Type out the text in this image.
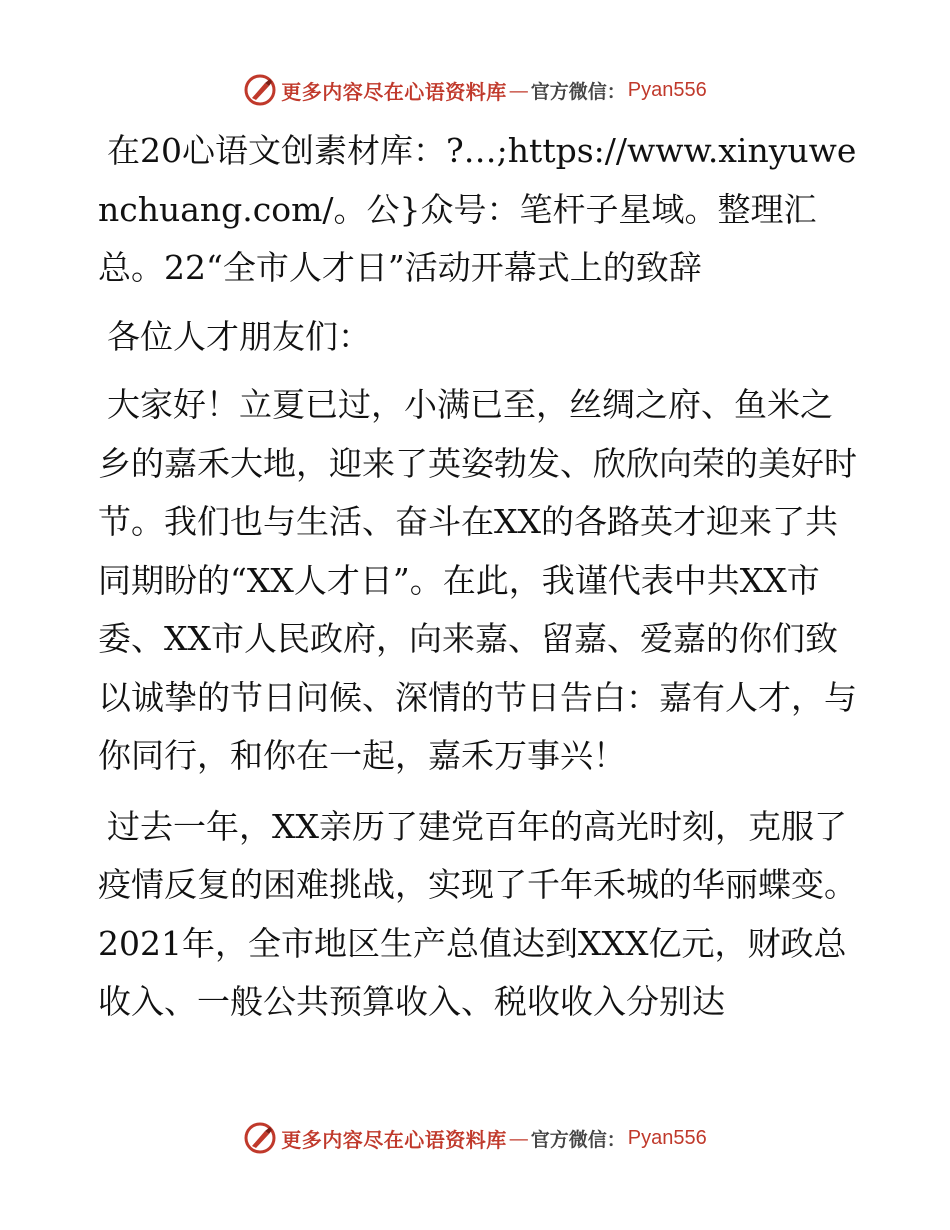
更多内容尽在心语资料库 — 官方微信： Pyan556

在20心语文创素材库：?…;https://www.xinyuwenchuang.com/。公}众号：笔杆子星域。整理汇总。22“全市人才日”活动开幕式上的致辞

各位人才朋友们：

大家好！立夏已过，小满已至，丝绸之府、鱼米之乡的嘉禾大地，迎来了英姿勃发、欣欣向荣的美好时节。我们也与生活、奋斗在XX的各路英才迎来了共同期盼的“XX人才日”。在此，我谨代表中共XX市委、XX市人民政府，向来嘉、留嘉、爱嘉的你们致以诚挚的节日问候、深情的节日告白：嘉有人才，与你同行，和你在一起，嘉禾万事兴！

过去一年，XX亲历了建党百年的高光时刻，克服了疫情反复的困难挑战，实现了千年禾城的华丽蝶变。2021年，全市地区生产总值达到XXX亿元，财政总收入、一般公共预算收入、税收收入分别达

更多内容尽在心语资料库 — 官方微信： Pyan556
